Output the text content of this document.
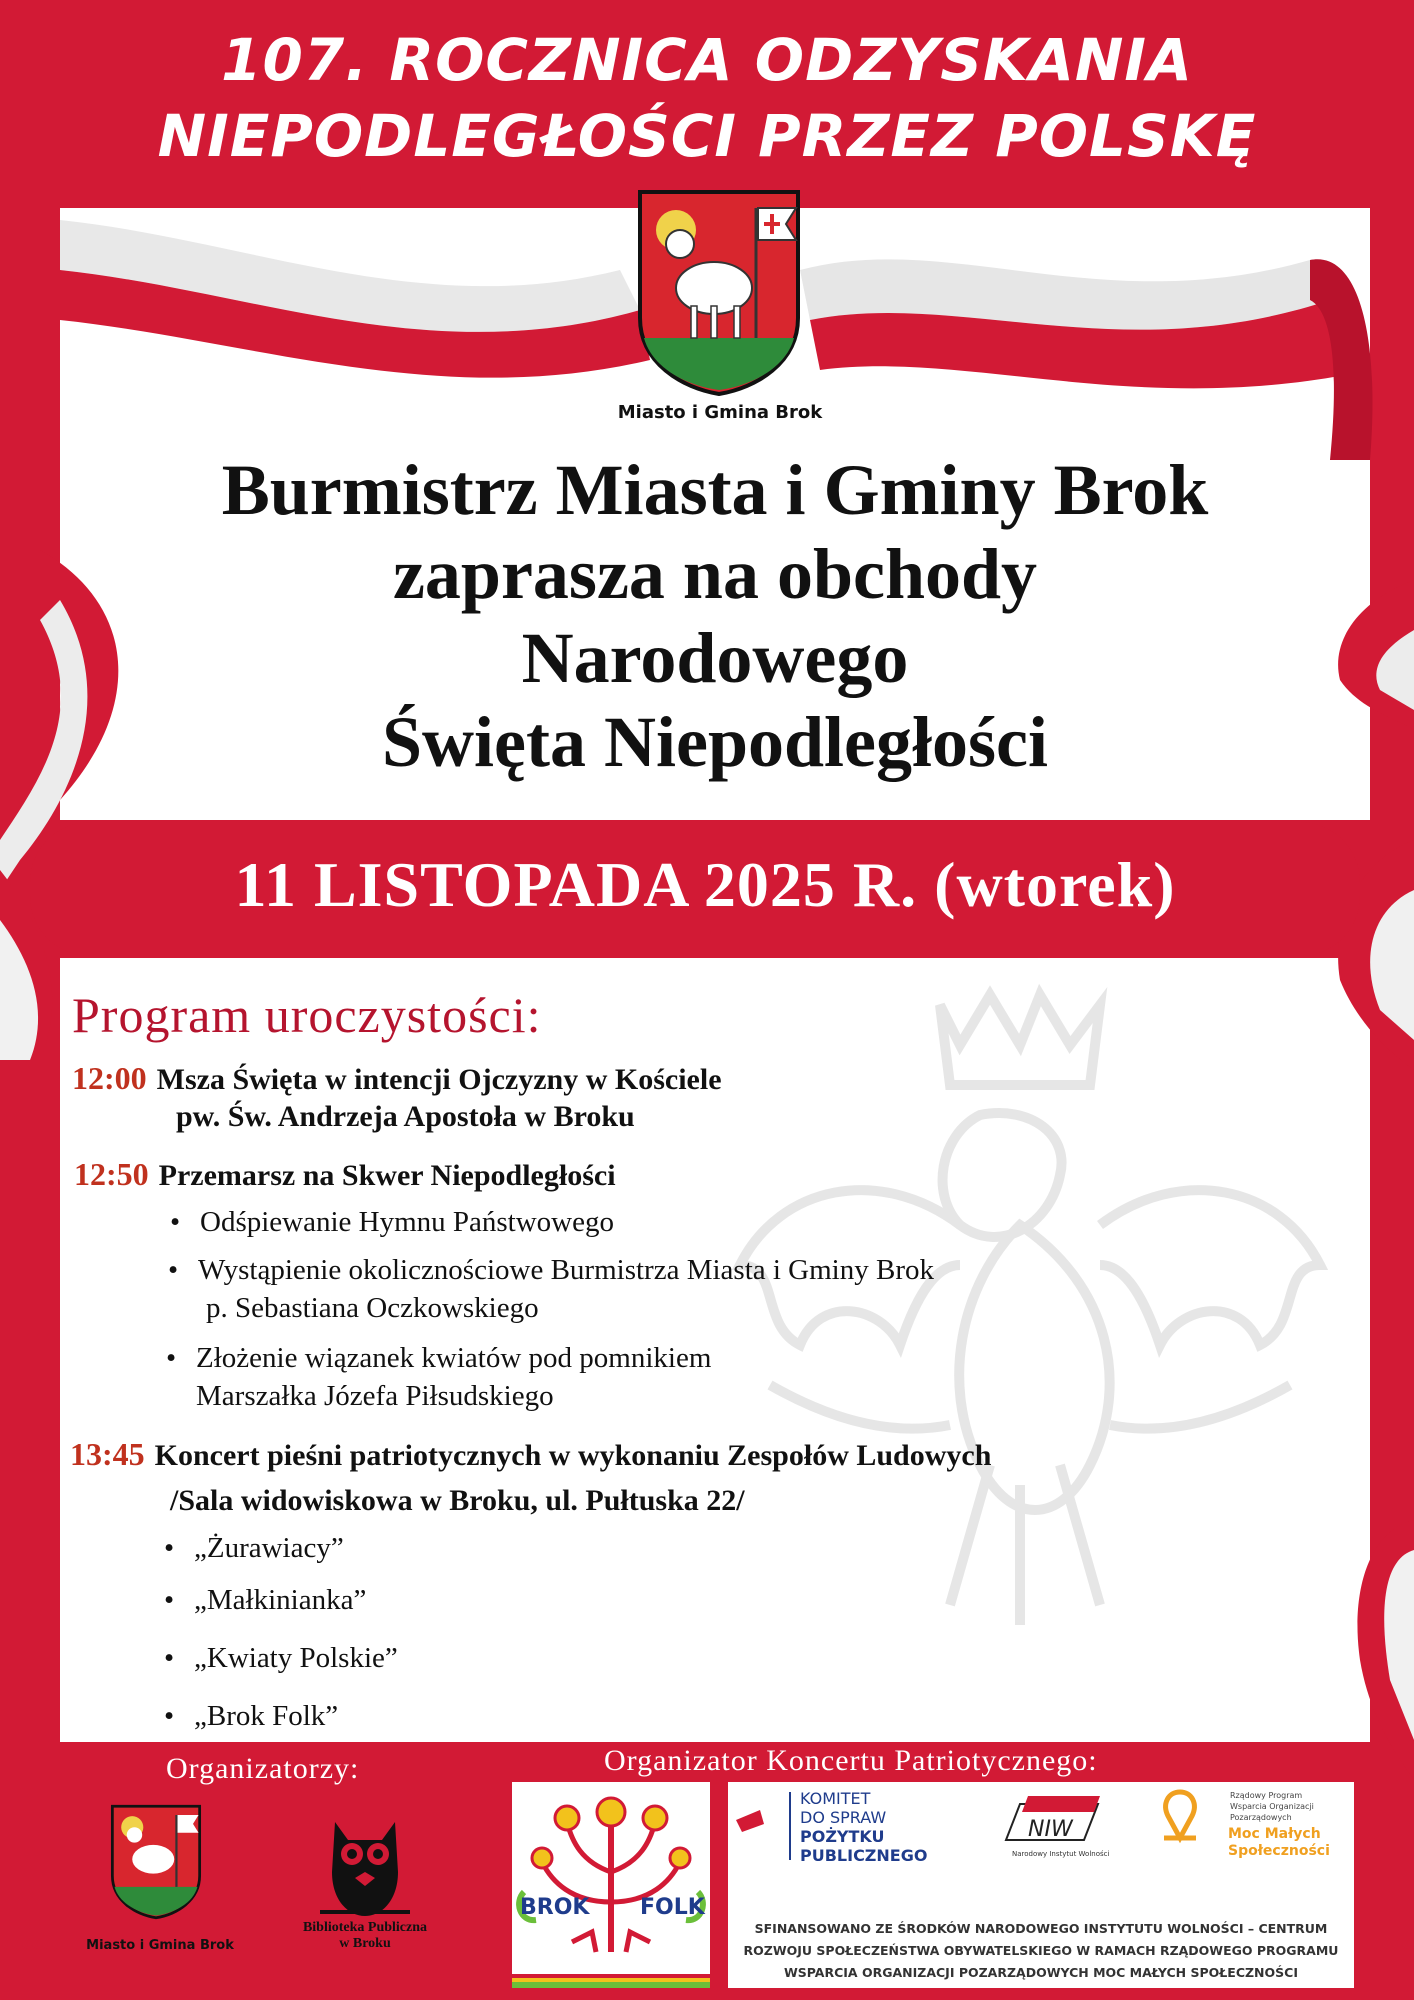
107. ROCZNICA ODZYSKANIA
NIEPODLEGŁOŚCI PRZEZ POLSKĘ
Miasto i Gmina Brok
Burmistrz Miasta i Gminy Brok
zaprasza na obchody
Narodowego
Święta Niepodległości
11 LISTOPADA 2025 R. (wtorek)
Program uroczystości:
12:00 Msza Święta w intencji Ojczyzny w Kościele
pw. Św. Andrzeja Apostoła w Broku
12:50 Przemarsz na Skwer Niepodległości
• Odśpiewanie Hymnu Państwowego
• Wystąpienie okolicznościowe Burmistrza Miasta i Gminy Brok
p. Sebastiana Oczkowskiego
• Złożenie wiązanek kwiatów pod pomnikiem
Marszałka Józefa Piłsudskiego
13:45 Koncert pieśni patriotycznych w wykonaniu Zespołów Ludowych
/Sala widowiskowa w Broku, ul. Pułtuska 22/
• „Żurawiacy”
• „Małkinianka”
• „Kwiaty Polskie”
• „Brok Folk”
Organizatorzy:	Organizator Koncertu Patriotycznego:
Miasto i Gmina Brok
Biblioteka Publiczna
w Broku
BROK FOLK
KOMITET
DO SPRAW
POŻYTKU
PUBLICZNEGO
NIW
Narodowy Instytut Wolności
Rządowy Program
Wsparcia Organizacji
Pozarządowych
Moc Małych
Społeczności
SFINANSOWANO ZE ŚRODKÓW NARODOWEGO INSTYTUTU WOLNOŚCI – CENTRUM
ROZWOJU SPOŁECZEŃSTWA OBYWATELSKIEGO W RAMACH RZĄDOWEGO PROGRAMU
WSPARCIA ORGANIZACJI POZARZĄDOWYCH MOC MAŁYCH SPOŁECZNOŚCI
